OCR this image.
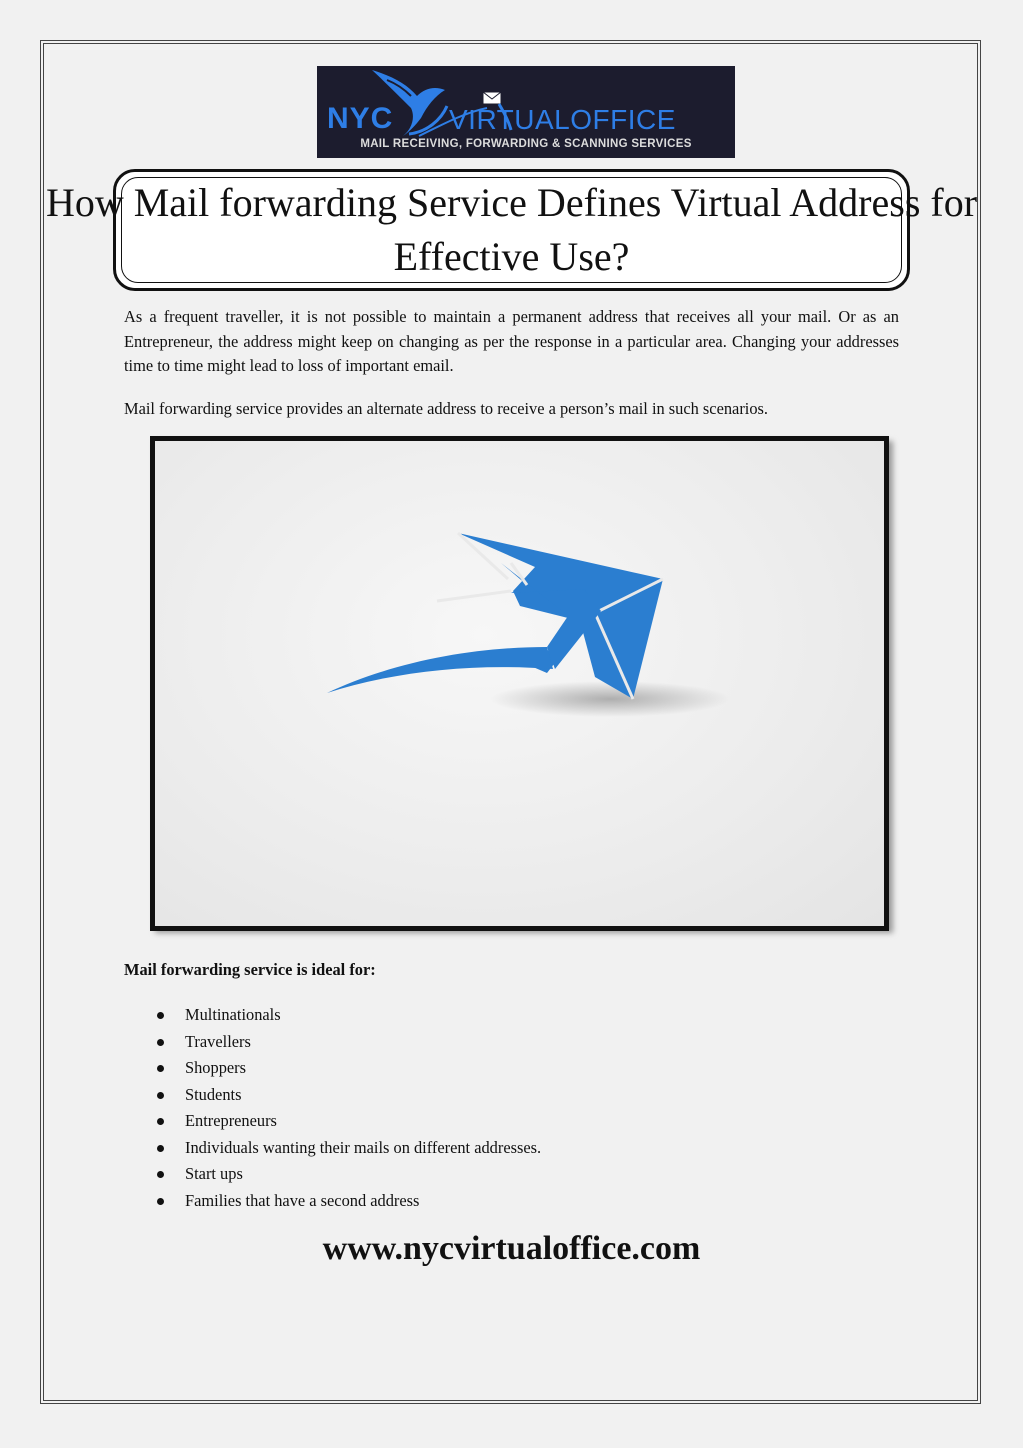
NYC VIRTUALOFFICE
MAIL RECEIVING, FORWARDING & SCANNING SERVICES
How Mail forwarding Service Defines Virtual Address for Effective Use?

As a frequent traveller, it is not possible to maintain a permanent address that receives all your mail. Or as an Entrepreneur, the address might keep on changing as per the response in a particular area. Changing your addresses time to time might lead to loss of important email.

Mail forwarding service provides an alternate address to receive a person’s mail in such scenarios.

Mail forwarding service is ideal for:

Multinationals
Travellers
Shoppers
Students
Entrepreneurs
Individuals wanting their mails on different addresses.
Start ups
Families that have a second address

www.nycvirtualoffice.com
